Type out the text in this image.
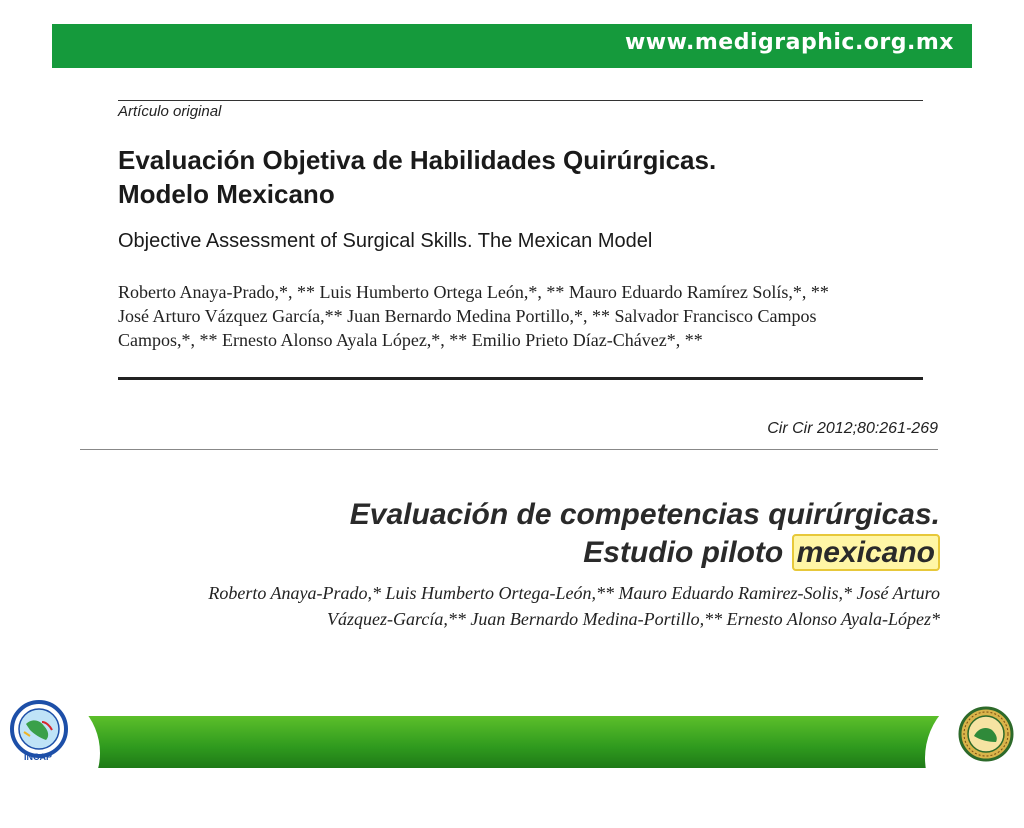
www.medigraphic.org.mx
Artículo original
Evaluación Objetiva de Habilidades Quirúrgicas.
Modelo Mexicano
Objective Assessment of Surgical Skills. The Mexican Model
Roberto Anaya-Prado,*, ** Luis Humberto Ortega León,*, ** Mauro Eduardo Ramírez Solís,*, **
José Arturo Vázquez García,** Juan Bernardo Medina Portillo,*, ** Salvador Francisco Campos
Campos,*, ** Ernesto Alonso Ayala López,*, ** Emilio Prieto Díaz-Chávez*, **
Cir Cir 2012;80:261-269
Evaluación de competencias quirúrgicas.
Estudio piloto mexicano
Roberto Anaya-Prado,* Luis Humberto Ortega-León,** Mauro Eduardo Ramirez-Solis,* José Arturo
Vázquez-García,** Juan Bernardo Medina-Portillo,** Ernesto Alonso Ayala-López*
INCAP
